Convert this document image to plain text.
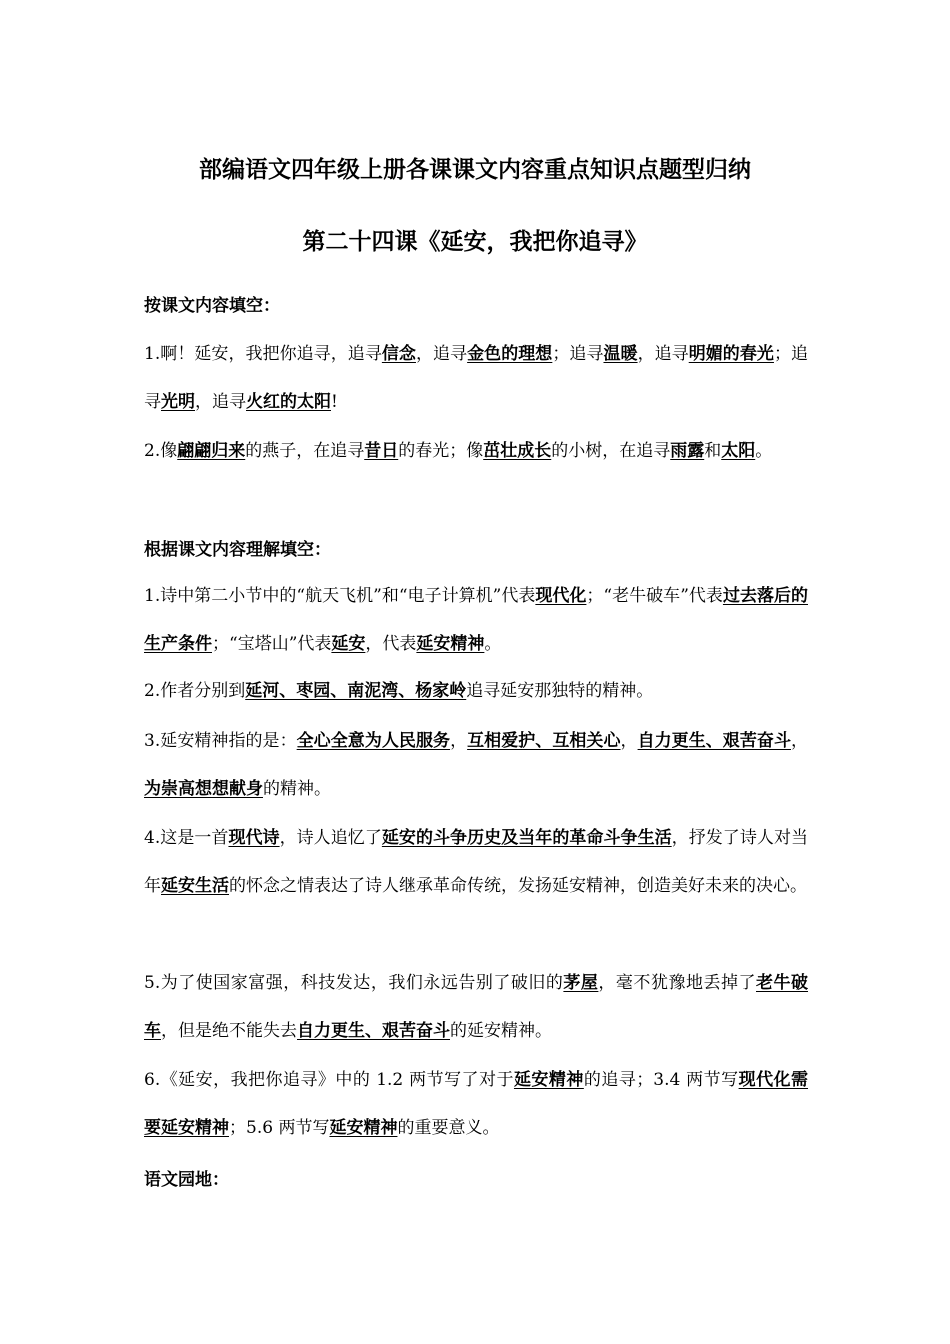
部编语文四年级上册各课课文内容重点知识点题型归纳
第二十四课《延安，我把你追寻》

按课文内容填空：

1.啊！延安，我把你追寻，追寻信念，追寻金色的理想；追寻温暖，追寻明媚的春光；追寻光明，追寻火红的太阳!

2.像翩翩归来的燕子，在追寻昔日的春光；像茁壮成长的小树，在追寻雨露和太阳。

根据课文内容理解填空：

1.诗中第二小节中的“航天飞机”和“电子计算机”代表现代化；“老牛破车”代表过去落后的生产条件；“宝塔山”代表延安，代表延安精神。

2.作者分别到延河、枣园、南泥湾、杨家岭追寻延安那独特的精神。

3.延安精神指的是：全心全意为人民服务，互相爱护、互相关心，自力更生、艰苦奋斗，为崇高想想献身的精神。

4.这是一首现代诗，诗人追忆了延安的斗争历史及当年的革命斗争生活，抒发了诗人对当年延安生活的怀念之情表达了诗人继承革命传统，发扬延安精神，创造美好未来的决心。

5.为了使国家富强，科技发达，我们永远告别了破旧的茅屋，毫不犹豫地丢掉了老牛破车，但是绝不能失去自力更生、艰苦奋斗的延安精神。

6.《延安，我把你追寻》中的 1.2 两节写了对于延安精神的追寻；3.4 两节写现代化需要延安精神；5.6 两节写延安精神的重要意义。

语文园地：
